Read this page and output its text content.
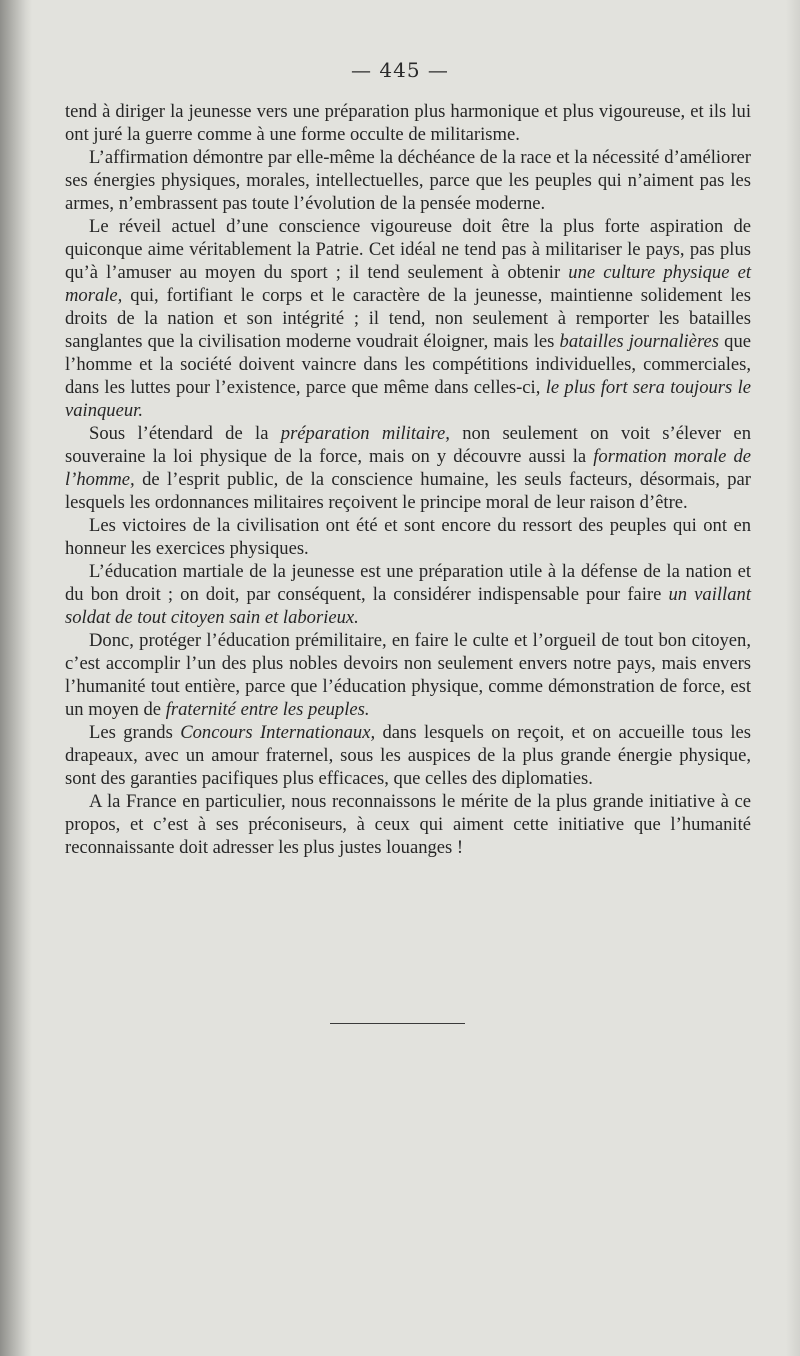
— 445 —

tend à diriger la jeunesse vers une préparation plus harmonique et plus vigoureuse, et ils lui ont juré la guerre comme à une forme occulte de militarisme.

L’affirmation démontre par elle-même la déchéance de la race et la nécessité d’améliorer ses énergies physiques, morales, intellectuelles, parce que les peuples qui n’aiment pas les armes, n’embrassent pas toute l’évolution de la pensée moderne.

Le réveil actuel d’une conscience vigoureuse doit être la plus forte aspiration de quiconque aime véritablement la Patrie. Cet idéal ne tend pas à militariser le pays, pas plus qu’à l’amuser au moyen du sport ; il tend seulement à obtenir une culture physique et morale, qui, fortifiant le corps et le caractère de la jeunesse, maintienne solidement les droits de la nation et son intégrité ; il tend, non seulement à remporter les batailles sanglantes que la civilisation moderne voudrait éloigner, mais les batailles journalières que l’homme et la société doivent vaincre dans les compétitions individuelles, commerciales, dans les luttes pour l’existence, parce que même dans celles-ci, le plus fort sera toujours le vainqueur.

Sous l’étendard de la préparation militaire, non seulement on voit s’élever en souveraine la loi physique de la force, mais on y découvre aussi la formation morale de l’homme, de l’esprit public, de la conscience humaine, les seuls facteurs, désormais, par lesquels les ordonnances militaires reçoivent le principe moral de leur raison d’être.

Les victoires de la civilisation ont été et sont encore du ressort des peuples qui ont en honneur les exercices physiques.

L’éducation martiale de la jeunesse est une préparation utile à la défense de la nation et du bon droit ; on doit, par conséquent, la considérer indispensable pour faire un vaillant soldat de tout citoyen sain et laborieux.

Donc, protéger l’éducation prémilitaire, en faire le culte et l’orgueil de tout bon citoyen, c’est accomplir l’un des plus nobles devoirs non seulement envers notre pays, mais envers l’humanité tout entière, parce que l’éducation physique, comme démonstration de force, est un moyen de fraternité entre les peuples.

Les grands Concours Internationaux, dans lesquels on reçoit, et on accueille tous les drapeaux, avec un amour fraternel, sous les auspices de la plus grande énergie physique, sont des garanties pacifiques plus efficaces, que celles des diplomaties.

A la France en particulier, nous reconnaissons le mérite de la plus grande initiative à ce propos, et c’est à ses préconiseurs, à ceux qui aiment cette initiative que l’humanité reconnaissante doit adresser les plus justes louanges !
